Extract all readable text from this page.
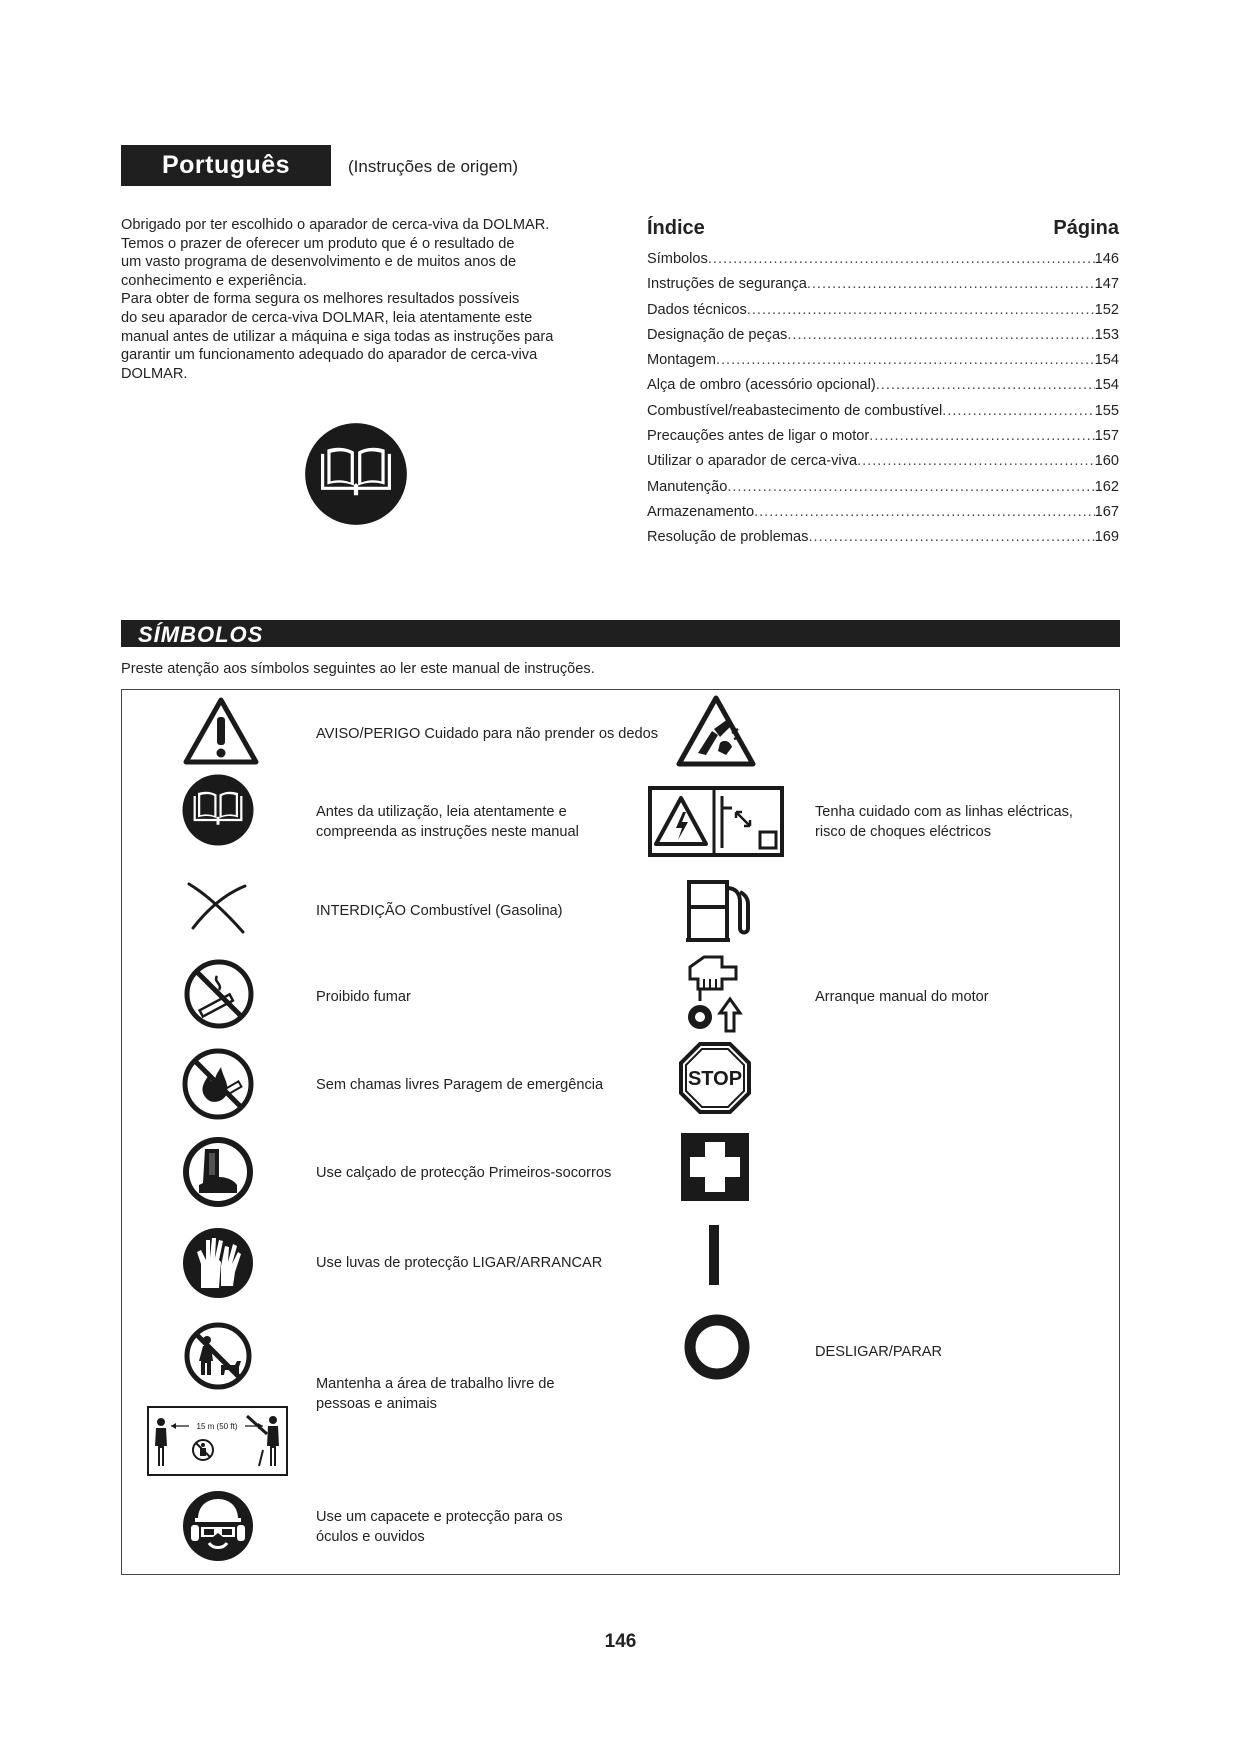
Português	(Instruções de origem)

Obrigado por ter escolhido o aparador de cerca-viva da DOLMAR.

Temos o prazer de oferecer um produto que é o resultado de

um vasto programa de desenvolvimento e de muitos anos de

conhecimento e experiência.

Para obter de forma segura os melhores resultados possíveis

do seu aparador de cerca-viva DOLMAR, leia atentamente este

manual antes de utilizar a máquina e siga todas as instruções para

garantir um funcionamento adequado do aparador de cerca-viva

DOLMAR.

Índice	Página
Símbolos .....	146
Instruções de segurança .....	147
Dados técnicos .....	152
Designação de peças .....	153
Montagem .....	154
Alça de ombro (acessório opcional) .....	154
Combustível/reabastecimento de combustível .....	155
Precauções antes de ligar o motor .....	157
Utilizar o aparador de cerca-viva .....	160
Manutenção .....	162
Armazenamento .....	167
Resolução de problemas .....	169
SÍMBOLOS
Preste atenção aos símbolos seguintes ao ler este manual de instruções.
AVISO/PERIGO Cuidado para não prender os dedos
Antes da utilização, leia atentamente e
compreenda as instruções neste manual
Tenha cuidado com as linhas eléctricas,
risco de choques eléctricos
INTERDIÇÃO Combustível (Gasolina)
Proibido fumar	Arranque manual do motor
Sem chamas livres Paragem de emergência	STOP
Use calçado de protecção Primeiros-socorros
Use luvas de protecção LIGAR/ARRANCAR
DESLIGAR/PARAR
15 m (50 ft)
Mantenha a área de trabalho livre de
pessoas e animais
Use um capacete e protecção para os
óculos e ouvidos
146
